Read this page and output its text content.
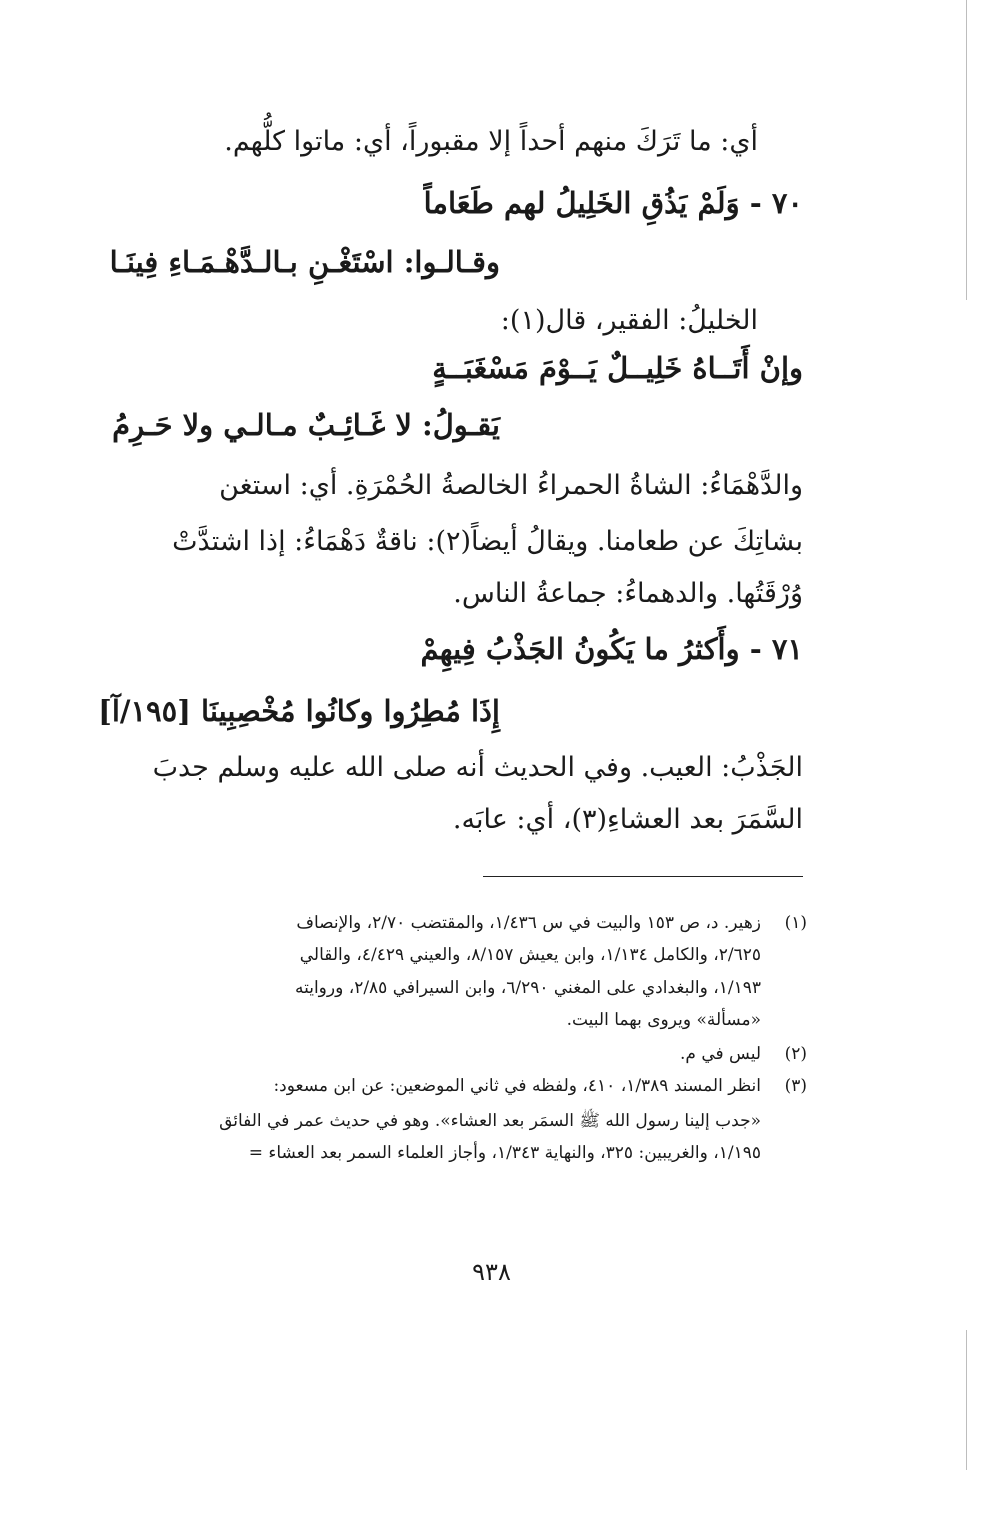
أي: ما تَرَكَ منهم أحداً إلا مقبوراً، أي: ماتوا كلُّهم.
٧٠ - وَلَمْ يَذُقِ الخَلِيلُ لهم طَعَاماً
وقـالـوا: اسْتَغْـنِ بـالـدَّهْـمَـاءِ فِينَـا
الخليلُ: الفقير، قال(١):
وإنْ أَتَــاهُ خَلِيــلٌ يَــوْمَ مَسْغَبَــةٍ
يَقـولُ: لا غَـائِـبٌ مـالـي ولا حَـرِمُ
والدَّهْمَاءُ: الشاةُ الحمراءُ الخالصةُ الحُمْرَةِ. أي: استغن
بشاتِكَ عن طعامنا. ويقالُ أيضاً(٢): ناقةٌ دَهْمَاءُ: إذا اشتدَّتْ
وُرْقَتُها. والدهماءُ: جماعةُ الناس.
٧١ - وأَكثرُ ما يَكُونُ الجَذْبُ فِيهِمْ
إِذَا مُطِرُوا وكانُوا مُخْصِبِينَا [١٩٥/آ]
الجَذْبُ: العيب. وفي الحديث أنه صلى الله عليه وسلم جدبَ
السَّمَرَ بعد العشاءِ(٣)، أي: عابَه.
(١)
زهير. د، ص ١٥٣ والبيت في س ١/٤٣٦، والمقتضب ٢/٧٠، والإنصاف
٢/٦٢٥، والكامل ١/١٣٤، وابن يعيش ٨/١٥٧، والعيني ٤/٤٢٩، والقالي
١/١٩٣، والبغدادي على المغني ٦/٢٩٠، وابن السيرافي ٢/٨٥، وروايته
«مسألة» ويروى بهما البيت.
(٢)
ليس في م.
(٣)
انظر المسند ١/٣٨٩، ٤١٠، ولفظه في ثاني الموضعين: عن ابن مسعود:
«جدب إلينا رسول الله ﷺ السمَر بعد العشاء». وهو في حديث عمر في الفائق
١/١٩٥، والغريبين: ٣٢٥، والنهاية ١/٣٤٣، وأجاز العلماء السمر بعد العشاء =
٩٣٨
